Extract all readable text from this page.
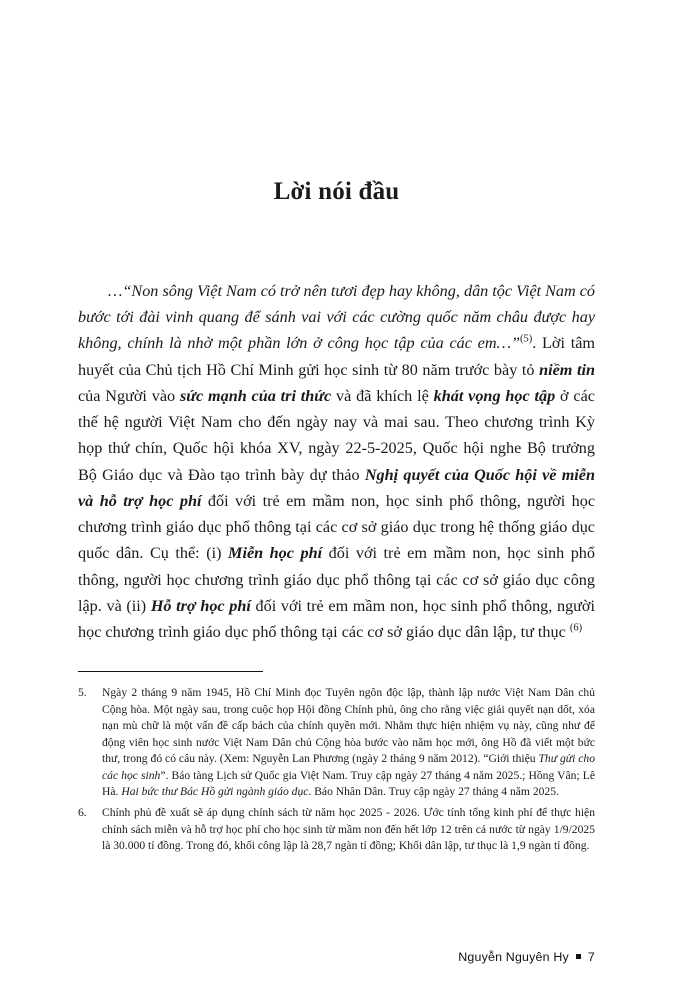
Lời nói đầu

…“Non sông Việt Nam có trở nên tươi đẹp hay không, dân tộc Việt Nam có bước tới đài vinh quang để sánh vai với các cường quốc năm châu được hay không, chính là nhờ một phần lớn ở công học tập của các em…”$^{(5)}$. Lời tâm huyết của Chủ tịch Hồ Chí Minh gửi học sinh từ 80 năm trước bày tỏ niềm tin của Người vào sức mạnh của tri thức và đã khích lệ khát vọng học tập ở các thế hệ người Việt Nam cho đến ngày nay và mai sau. Theo chương trình Kỳ họp thứ chín, Quốc hội khóa XV, ngày 22-5-2025, Quốc hội nghe Bộ trưởng Bộ Giáo dục và Đào tạo trình bày dự thảo Nghị quyết của Quốc hội về miễn và hỗ trợ học phí đối với trẻ em mầm non, học sinh phổ thông, người học chương trình giáo dục phổ thông tại các cơ sở giáo dục trong hệ thống giáo dục quốc dân. Cụ thể: (i) Miễn học phí đối với trẻ em mầm non, học sinh phổ thông, người học chương trình giáo dục phổ thông tại các cơ sở giáo dục công lập. và (ii) Hỗ trợ học phí đối với trẻ em mầm non, học sinh phổ thông, người học chương trình giáo dục phổ thông tại các cơ sở giáo dục dân lập, tư thục $^{(6)}$

5.	Ngày 2 tháng 9 năm 1945, Hồ Chí Minh đọc Tuyên ngôn độc lập, thành lập nước Việt Nam Dân chủ Cộng hòa. Một ngày sau, trong cuộc họp Hội đồng Chính phủ, ông cho rằng việc giải quyết nạn dốt, xóa nạn mù chữ là một vấn đề cấp bách của chính quyền mới. Nhằm thực hiện nhiệm vụ này, cũng như để động viên học sinh nước Việt Nam Dân chủ Cộng hòa bước vào năm học mới, ông Hồ đã viết một bức thư, trong đó có câu này. (Xem: Nguyễn Lan Phương (ngày 2 tháng 9 năm 2012). “Giới thiệu Thư gửi cho các học sinh”. Bảo tàng Lịch sử Quốc gia Việt Nam. Truy cập ngày 27 tháng 4 năm 2025.; Hồng Vân; Lê Hà. Hai bức thư Bác Hồ gửi ngành giáo dục. Báo Nhân Dân. Truy cập ngày 27 tháng 4 năm 2025.
6.	Chính phủ đề xuất sẽ áp dụng chính sách từ năm học 2025 - 2026. Ước tính tổng kinh phí để thực hiện chính sách miễn và hỗ trợ học phí cho học sinh từ mầm non đến hết lớp 12 trên cả nước từ ngày 1/9/2025 là 30.000 tỉ đồng. Trong đó, khối công lập là 28,7 ngàn tỉ đồng; Khối dân lập, tư thục là 1,9 ngàn tỉ đồng.
Nguyễn Nguyên Hy 7
